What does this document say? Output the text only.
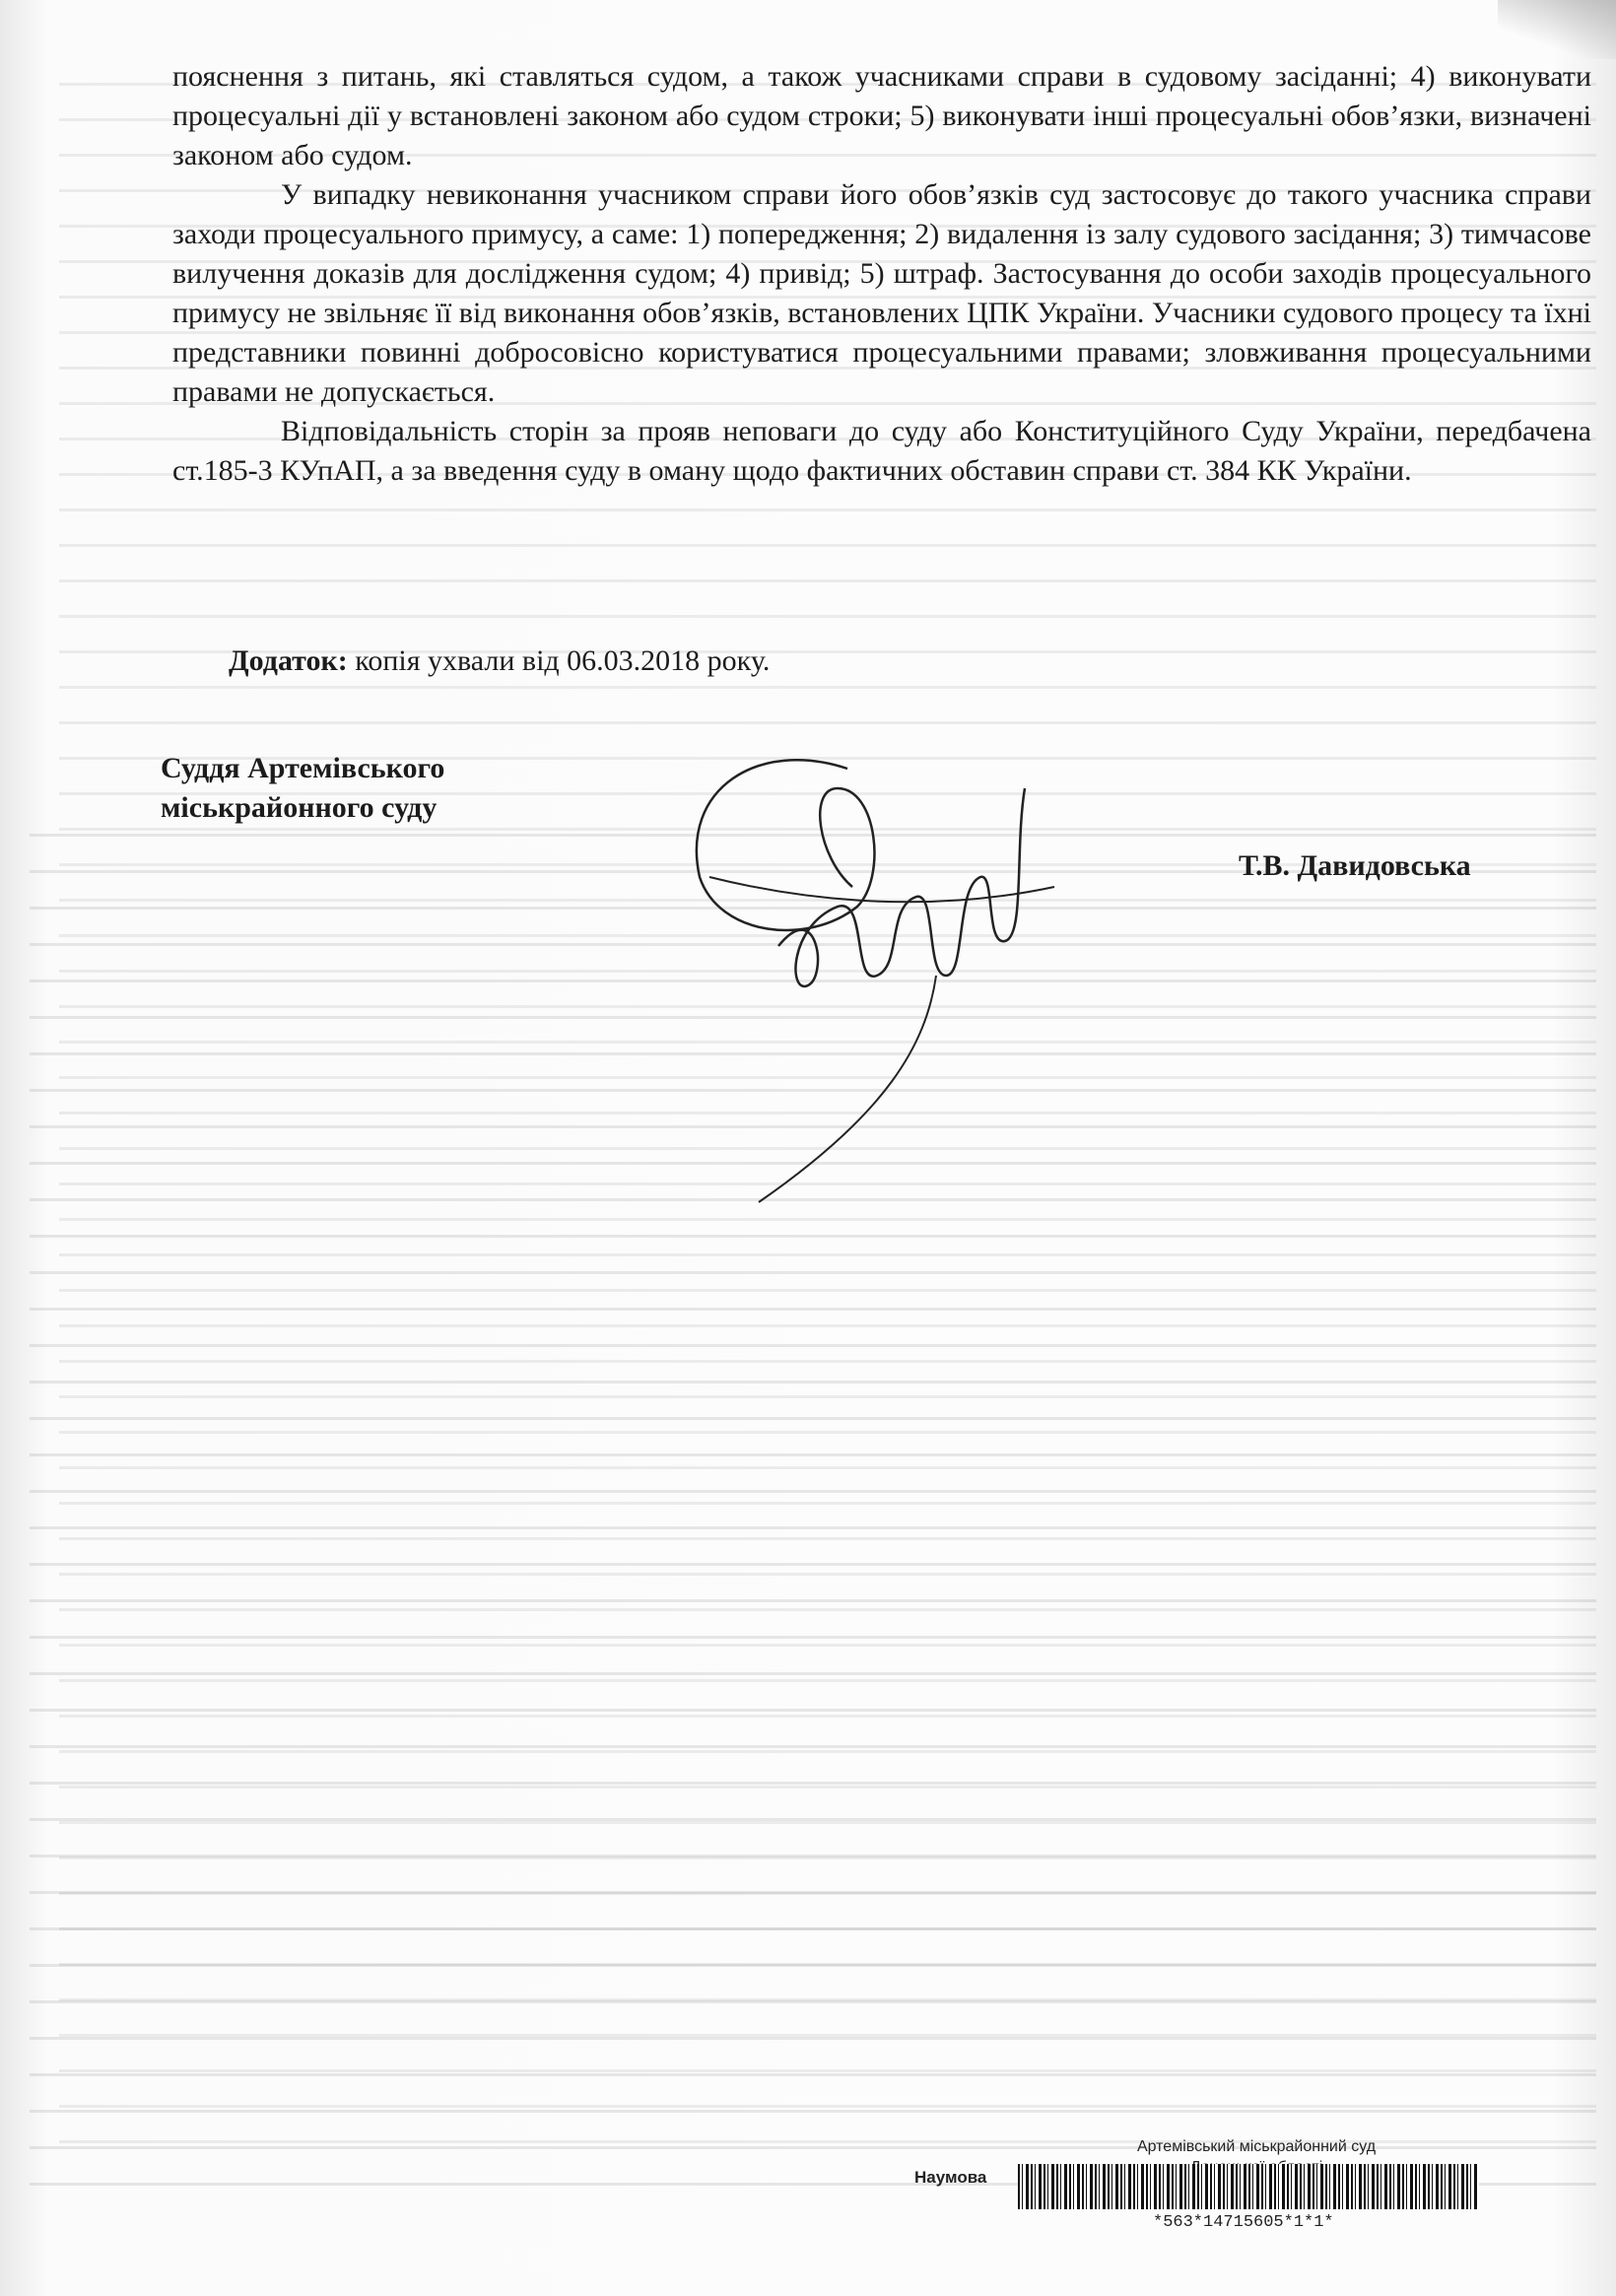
пояснення з питань, які ставляться судом, а також учасниками справи в судовому засіданні; 4) виконувати процесуальні дії у встановлені законом або судом строки; 5) виконувати інші процесуальні обов’язки, визначені законом або судом.

У випадку невиконання учасником справи його обов’язків суд застосовує до такого учасника справи заходи процесуального примусу, а саме: 1) попередження; 2) видалення із залу судового засідання; 3) тимчасове вилучення доказів для дослідження судом; 4) привід; 5) штраф. Застосування до особи заходів процесуального примусу не звільняє її від виконання обов’язків, встановлених ЦПК України. Учасники судового процесу та їхні представники повинні добросовісно користуватися процесуальними правами; зловживання процесуальними правами не допускається.

Відповідальність сторін за прояв неповаги до суду або Конституційного Суду України, передбачена ст.185-3 КУпАП, а за введення суду в оману щодо фактичних обставин справи ст. 384 КК України.

Додаток: копія ухвали від 06.03.2018 року.
Суддя Артемівського
міськрайонного суду
Т.В. Давидовська
Артемівський міськрайонний суд
Наумова
*563*14715605*1*1*
